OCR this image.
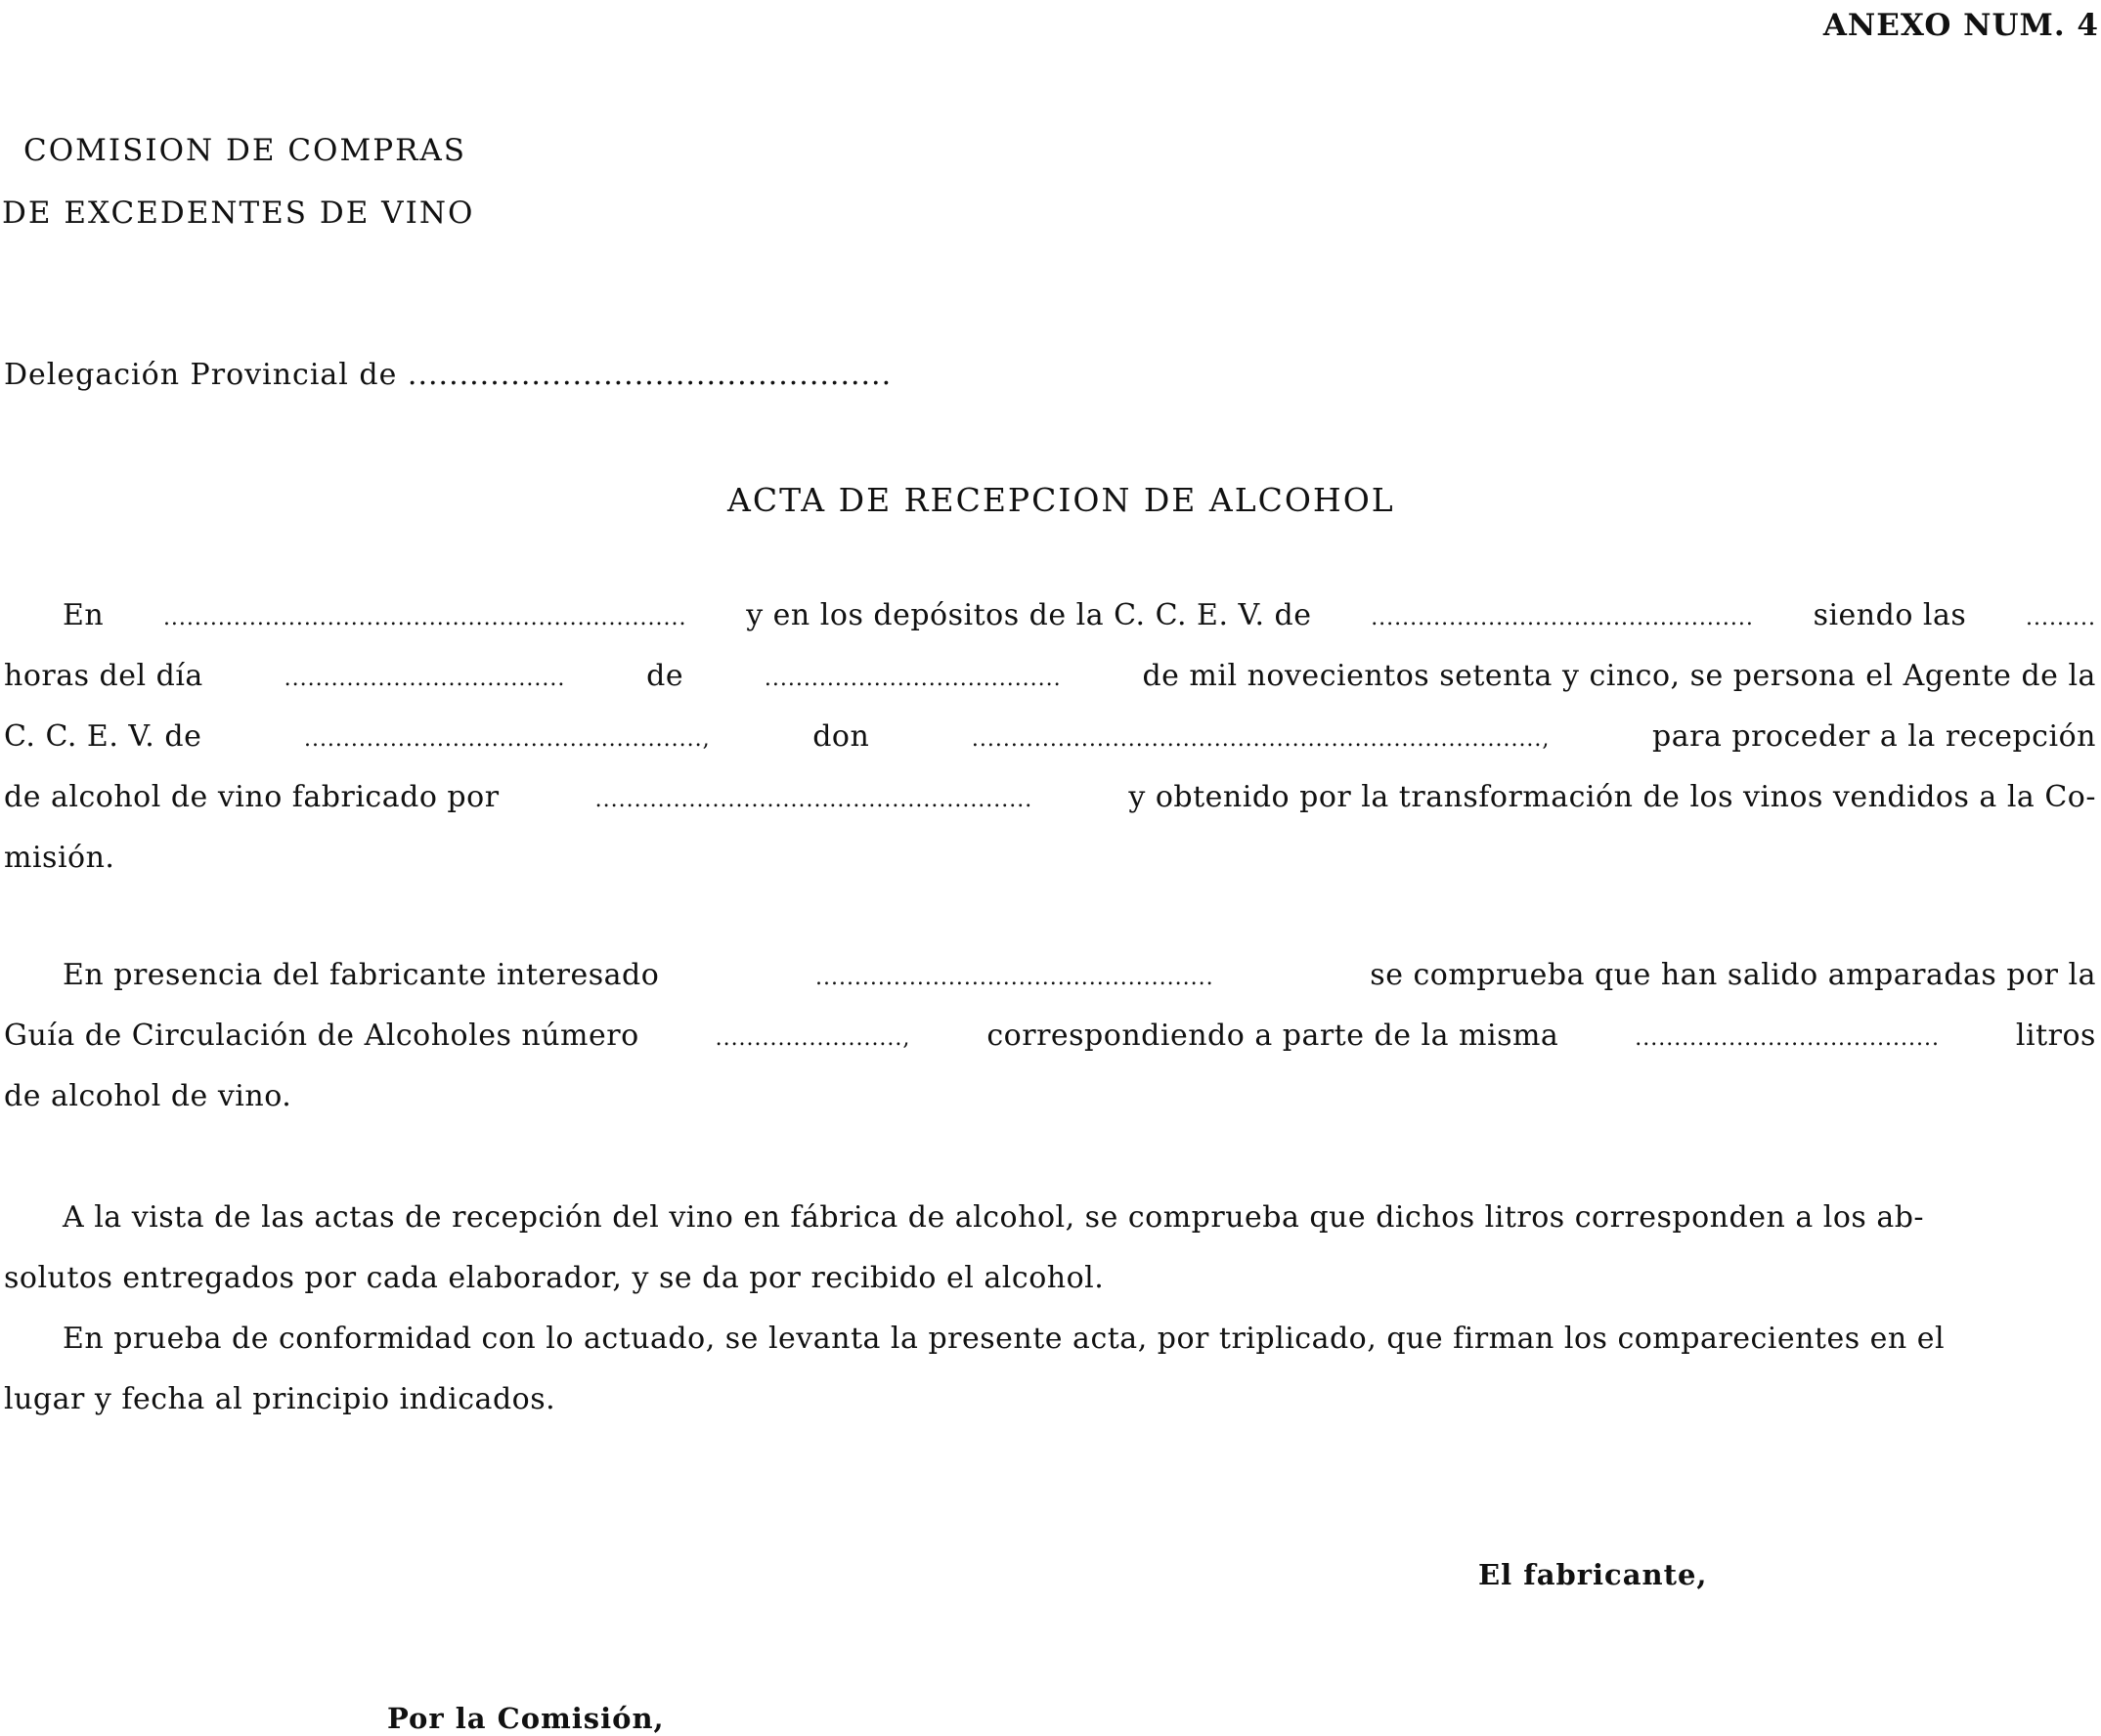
ANEXO NUM. 4
COMISION DE COMPRAS
DE EXCEDENTES DE VINO
Delegación Provincial de ...............................................
ACTA DE RECEPCION DE ALCOHOL
En	................................................................... y en los depósitos de la C. C. E. V. de	................................................. siendo las	.........
horas del día	....................................	de	......................................	de mil novecientos setenta y cinco, se persona el Agente de la
C. C. E. V. de	...................................................,	don	.........................................................................,	para proceder a la recepción
de alcohol de vino fabricado por	........................................................	y obtenido por la transformación de los vinos vendidos a la Co-
misión.
En presencia del fabricante interesado	...................................................	se comprueba que han salido amparadas por la
Guía de Circulación de Alcoholes número	........................,	correspondiendo a parte de la misma	.......................................	litros
de alcohol de vino.
A la vista de las actas de recepción del vino en fábrica de alcohol, se comprueba que dichos litros corresponden a los ab-
solutos entregados por cada elaborador, y se da por recibido el alcohol.
En prueba de conformidad con lo actuado, se levanta la presente acta, por triplicado, que firman los comparecientes en el
lugar y fecha al principio indicados.
El fabricante,
Por la Comisión,
